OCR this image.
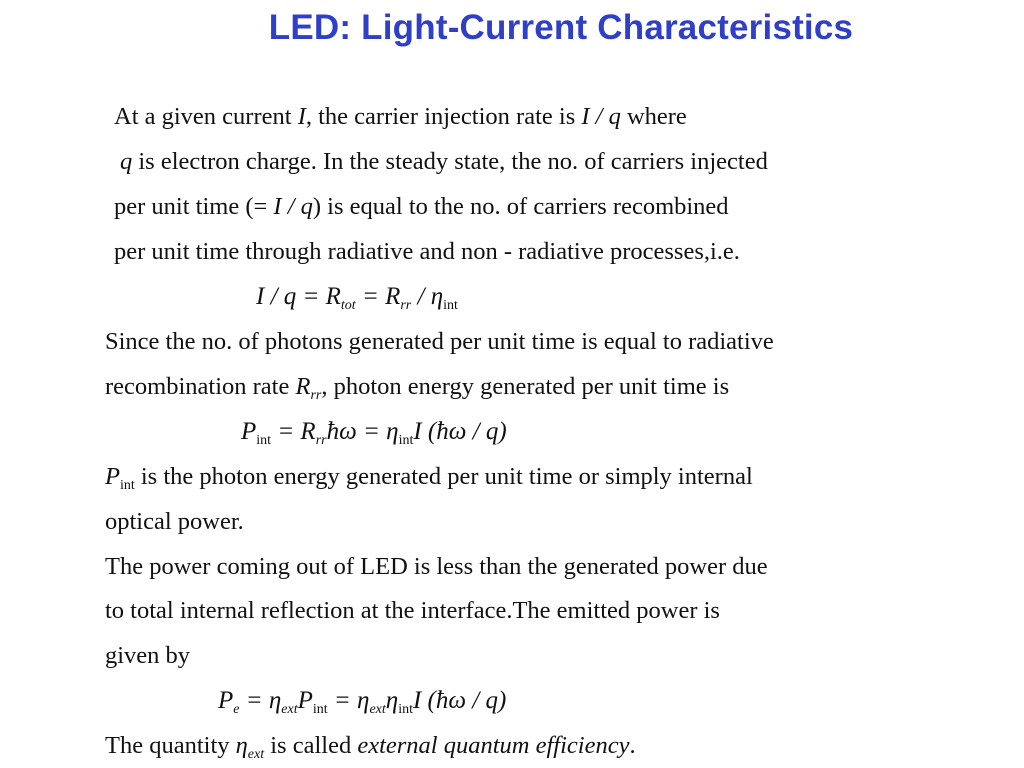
LED: Light-Current Characteristics
At a given current I, the carrier injection rate is I / q where
q is electron charge. In the steady state, the no. of carriers injected
per unit time (= I / q) is equal to the no. of carriers recombined
per unit time through radiative and non - radiative processes,i.e.
$I / q = R_{tot} = R_{rr} / \eta_{int}$
Since the no. of photons generated per unit time is equal to radiative
recombination rate $R_{rr}$, photon energy generated per unit time is
$P_{int}$ = $R_{rr}ħ\omega = \eta_{int}I$ (ħω / q)
$P_{int}$ is the photon energy generated per unit time or simply internal
optical power.
The power coming out of LED is less than the generated power due
to total internal reflection at the interface.The emitted power is
given by
$P_e = \eta_{ext}P_{int} = \eta_{ext}\eta_{int}I$ (ħω / q)
The quantity $\eta_{ext}$ is called external quantum efficiency.
